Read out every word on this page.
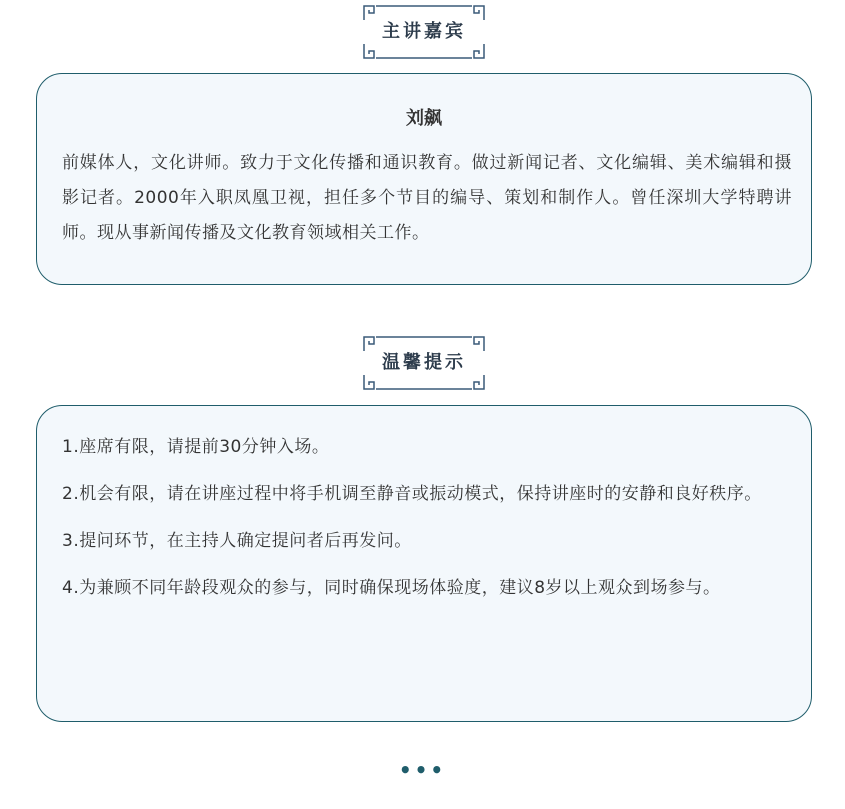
主讲嘉宾
刘飙
前媒体人，文化讲师。致力于文化传播和通识教育。做过新闻记者、文化编辑、美术编辑和摄影记者。2000年入职凤凰卫视，担任多个节目的编导、策划和制作人。曾任深圳大学特聘讲师。现从事新闻传播及文化教育领域相关工作。
温馨提示
1.座席有限，请提前30分钟入场。
2.机会有限，请在讲座过程中将手机调至静音或振动模式，保持讲座时的安静和良好秩序。
3.提问环节，在主持人确定提问者后再发问。
4.为兼顾不同年龄段观众的参与，同时确保现场体验度，建议8岁以上观众到场参与。
•••
